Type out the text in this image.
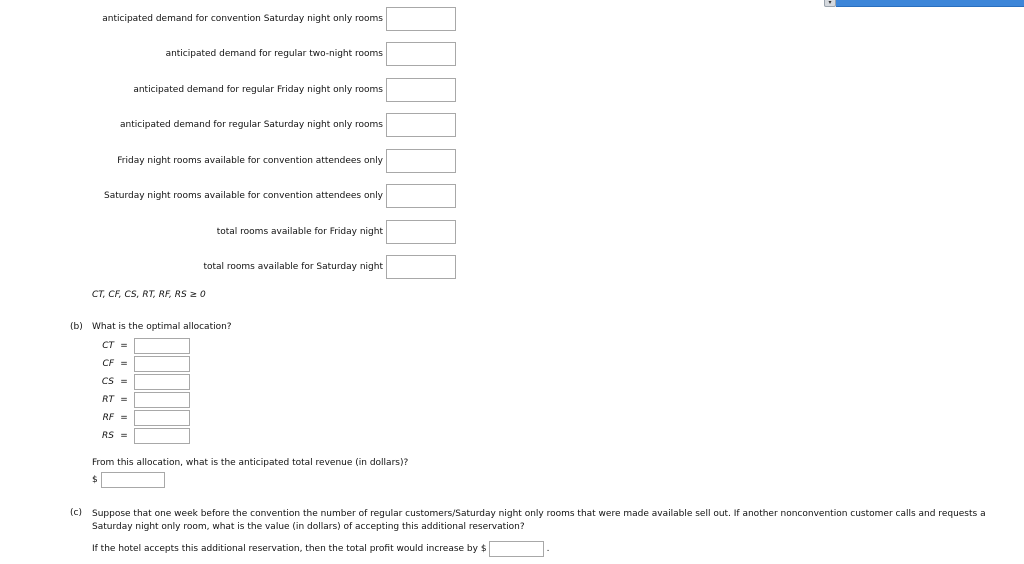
▾
anticipated demand for convention Saturday night only rooms
anticipated demand for regular two-night rooms
anticipated demand for regular Friday night only rooms
anticipated demand for regular Saturday night only rooms
Friday night rooms available for convention attendees only
Saturday night rooms available for convention attendees only
total rooms available for Friday night
total rooms available for Saturday night
CT, CF, CS, RT, RF, RS ≥ 0
(b) What is the optimal allocation?
CT =
CF =
CS =
RT =
RF =
RS =
From this allocation, what is the anticipated total revenue (in dollars)?
$
(c) Suppose that one week before the convention the number of regular customers/Saturday night only rooms that were made available sell out. If another nonconvention customer calls and requests a Saturday night only room, what is the value (in dollars) of accepting this additional reservation?
If the hotel accepts this additional reservation, then the total profit would increase by $	.
